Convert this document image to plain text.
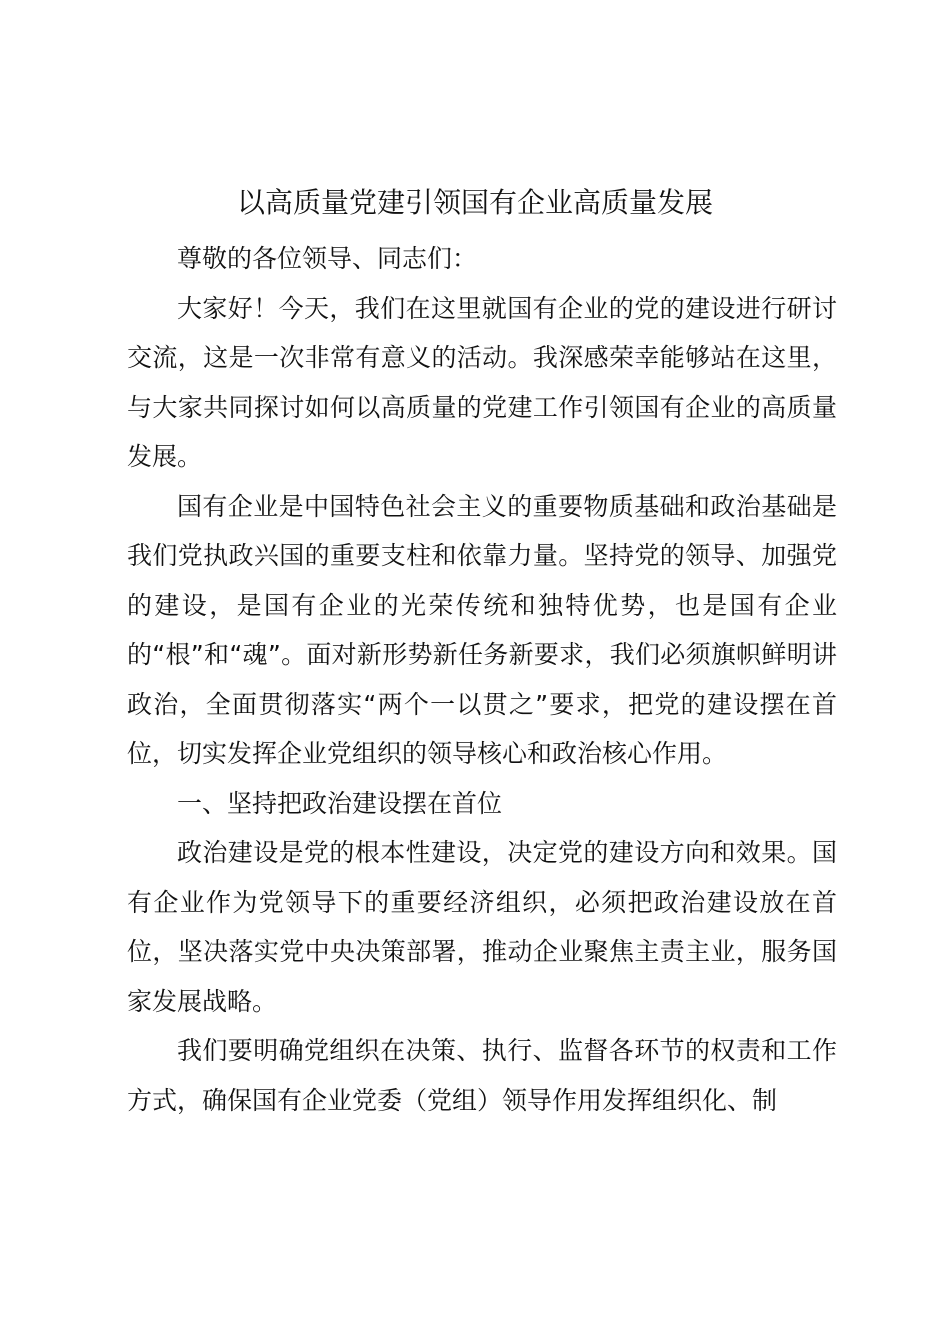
以高质量党建引领国有企业高质量发展

尊敬的各位领导、同志们：

大家好！今天，我们在这里就国有企业的党的建设进行研讨交流，这是一次非常有意义的活动。我深感荣幸能够站在这里，与大家共同探讨如何以高质量的党建工作引领国有企业的高质量发展。

国有企业是中国特色社会主义的重要物质基础和政治基础是我们党执政兴国的重要支柱和依靠力量。坚持党的领导、加强党的建设，是国有企业的光荣传统和独特优势，也是国有企业的“根”和“魂”。面对新形势新任务新要求，我们必须旗帜鲜明讲政治，全面贯彻落实“两个一以贯之”要求，把党的建设摆在首位，切实发挥企业党组织的领导核心和政治核心作用。

一、坚持把政治建设摆在首位

政治建设是党的根本性建设，决定党的建设方向和效果。国有企业作为党领导下的重要经济组织，必须把政治建设放在首位，坚决落实党中央决策部署，推动企业聚焦主责主业，服务国家发展战略。

我们要明确党组织在决策、执行、监督各环节的权责和工作方式，确保国有企业党委（党组）领导作用发挥组织化、制
